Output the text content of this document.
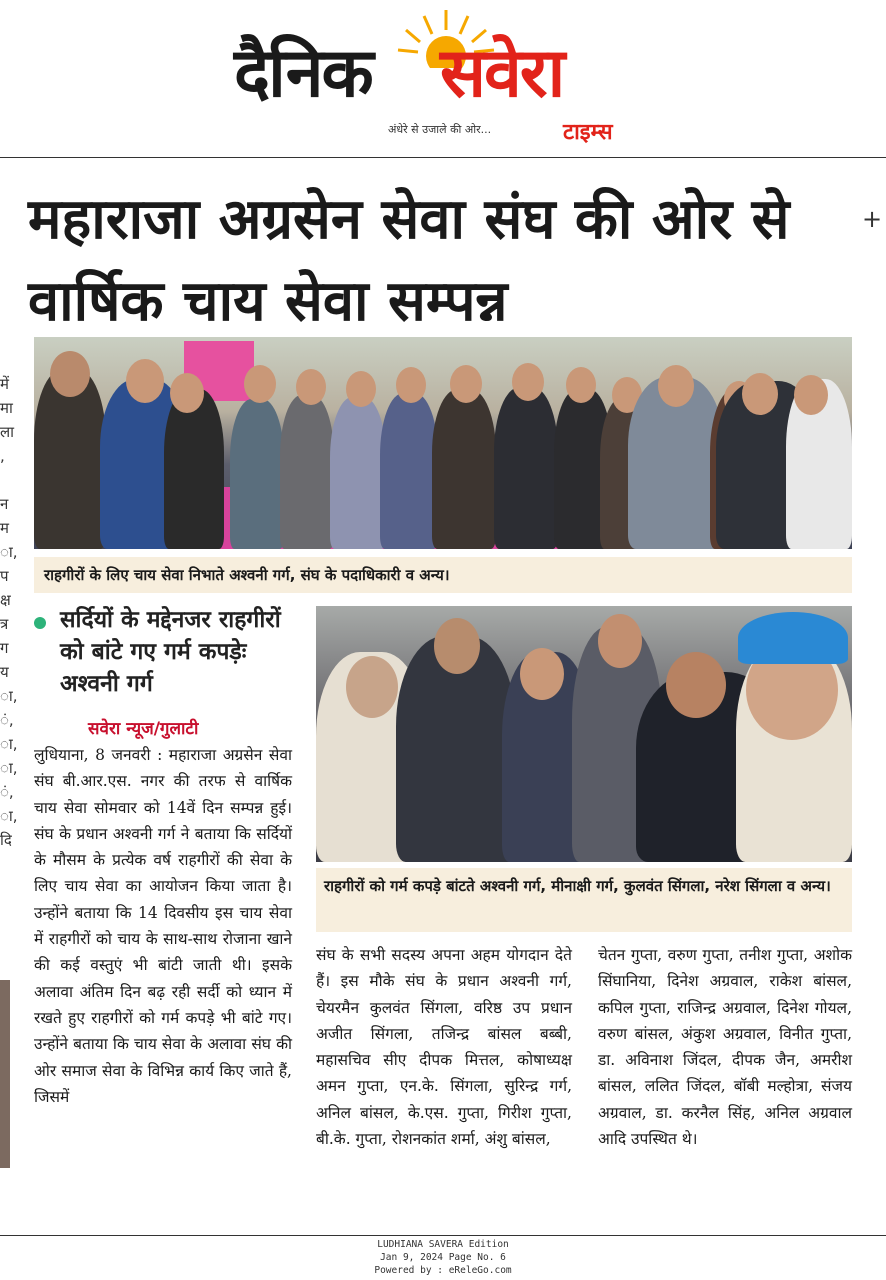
दैनिक सवेरा
अंधेरे से उजाले की ओर...	टाइम्स
महाराजा अग्रसेन सेवा संघ की ओर से वार्षिक चाय सेवा सम्पन्न
+
में
मा
ला
,

न
म
ा,
प
क्ष
त्र
ग
य
ा,
ं,
ा,
ा,
ं,
ा,
दि
राहगीरों के लिए चाय सेवा निभाते अश्वनी गर्ग, संघ के पदाधिकारी व अन्य।
सर्दियों के मद्देनजर राहगीरों को बांटे गए गर्म कपड़ेः अश्वनी गर्ग
सवेरा न्यूज/गुलाटी
राहगीरों को गर्म कपड़े बांटते अश्वनी गर्ग, मीनाक्षी गर्ग, कुलवंत सिंगला, नरेश सिंगला व अन्य।
लुधियाना, 8 जनवरी : महाराजा अग्रसेन सेवा संघ बी.आर.एस. नगर की तरफ से वार्षिक चाय सेवा सोमवार को 14वें दिन सम्पन्न हुई। संघ के प्रधान अश्वनी गर्ग ने बताया कि सर्दियों के मौसम के प्रत्येक वर्ष राहगीरों की सेवा के लिए चाय सेवा का आयोजन किया जाता है। उन्होंने बताया कि 14 दिवसीय इस चाय सेवा में राहगीरों को चाय के साथ-साथ रोजाना खाने की कई वस्तुएं भी बांटी जाती थी। इसके अलावा अंतिम दिन बढ़ रही सर्दी को ध्यान में रखते हुए राहगीरों को गर्म कपड़े भी बांटे गए। उन्होंने बताया कि चाय सेवा के अलावा संघ की ओर समाज सेवा के विभिन्न कार्य किए जाते हैं, जिसमें
संघ के सभी सदस्य अपना अहम योगदान देते हैं। इस मौके संघ के प्रधान अश्वनी गर्ग, चेयरमैन कुलवंत सिंगला, वरिष्ठ उप प्रधान अजीत सिंगला, तजिन्द्र बांसल बब्बी, महासचिव सीए दीपक मित्तल, कोषाध्यक्ष अमन गुप्ता, एन.के. सिंगला, सुरिन्द्र गर्ग, अनिल बांसल, के.एस. गुप्ता, गिरीश गुप्ता, बी.के. गुप्ता, रोशनकांत शर्मा, अंशु बांसल,
चेतन गुप्ता, वरुण गुप्ता, तनीश गुप्ता, अशोक सिंघानिया, दिनेश अग्रवाल, राकेश बांसल, कपिल गुप्ता, राजिन्द्र अग्रवाल, दिनेश गोयल, वरुण बांसल, अंकुश अग्रवाल, विनीत गुप्ता, डा. अविनाश जिंदल, दीपक जैन, अमरीश बांसल, ललित जिंदल, बॉबी मल्होत्रा, संजय अग्रवाल, डा. करनैल सिंह, अनिल अग्रवाल आदि उपस्थित थे।
LUDHIANA SAVERA Edition
Jan 9, 2024 Page No. 6
Powered by : eReleGo.com
